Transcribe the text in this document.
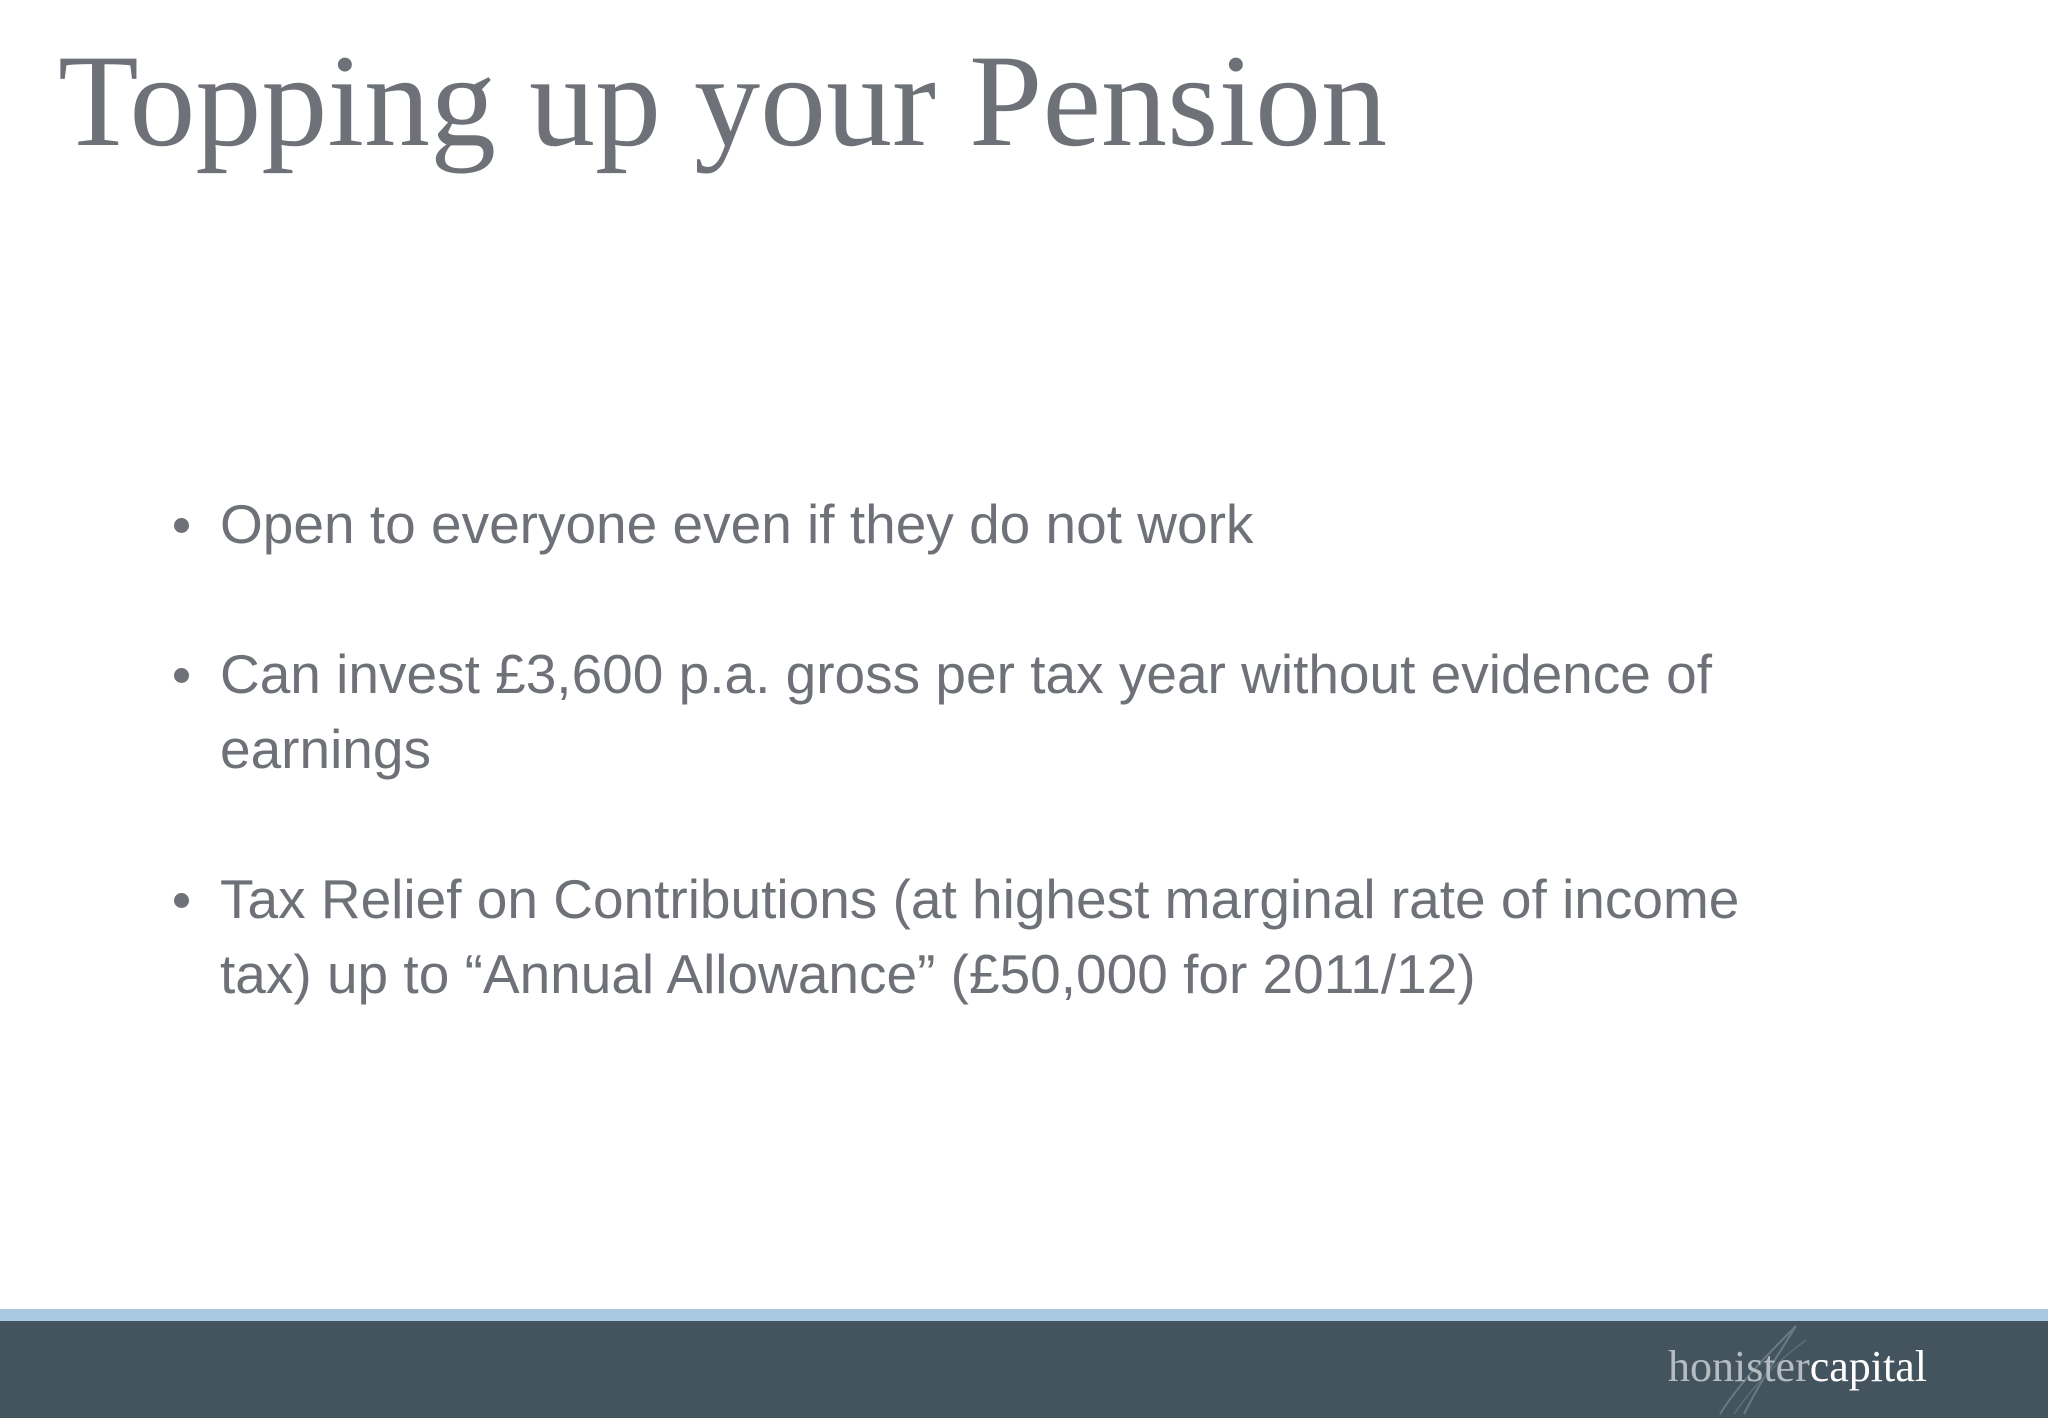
Topping up your Pension
Open to everyone even if they do not work
Can invest £3,600 p.a. gross per tax year without evidence of earnings
Tax Relief on Contributions (at highest marginal rate of income tax) up to “Annual Allowance” (£50,000 for 2011/12)
honistercapital
